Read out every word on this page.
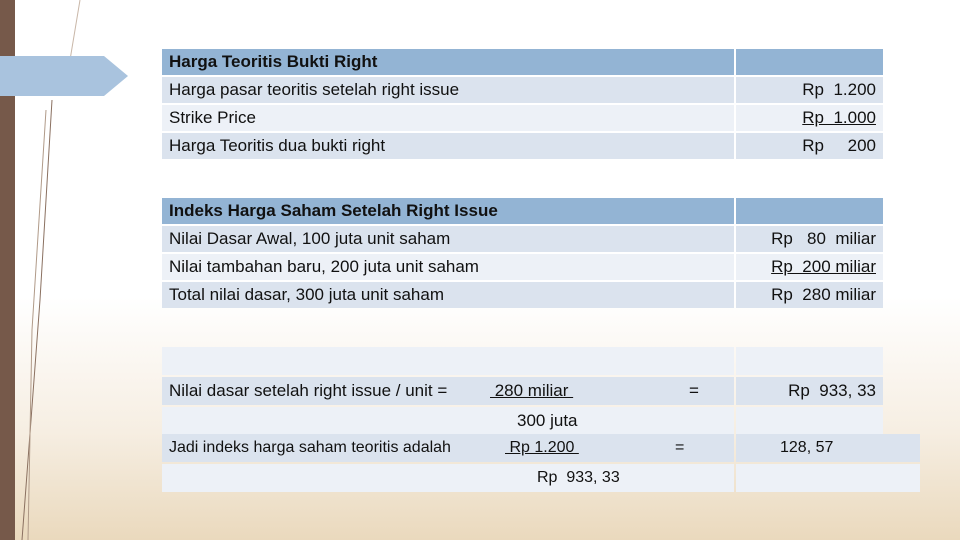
Harga Teoritis Bukti Right	
Harga pasar teoritis setelah right issue	Rp  1.200
Strike Price	Rp  1.000
Harga Teoritis dua bukti right	Rp     200
Indeks Harga Saham Setelah Right Issue	
Nilai Dasar Awal, 100 juta unit saham	Rp   80  miliar
Nilai tambahan baru, 200 juta unit saham	Rp  200 miliar
Total nilai dasar, 300 juta unit saham	Rp  280 miliar

Nilai dasar setelah right issue / unit = 280 miliar =	Rp  933, 33

300 juta	

Jadi indeks harga saham teoritis adalah Rp 1.200 =	128, 57

Rp  933, 33	
